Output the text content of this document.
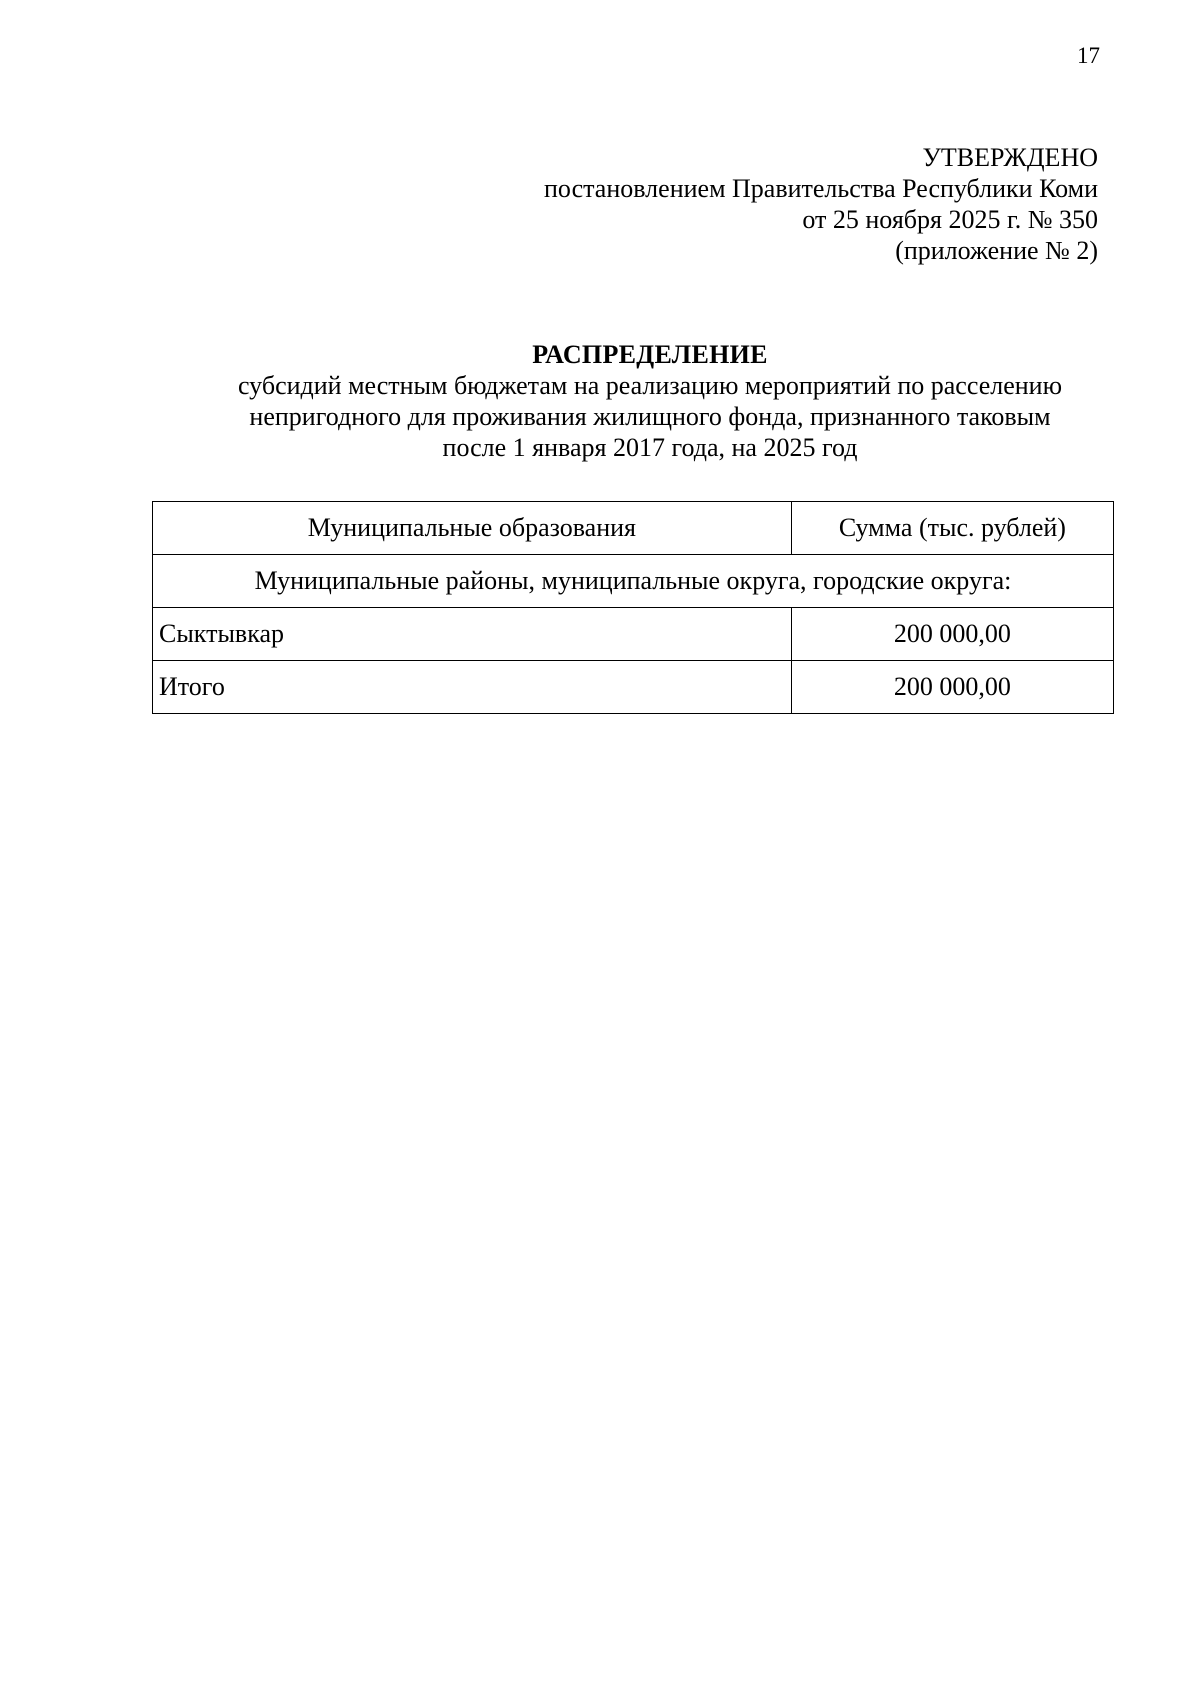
17
УТВЕРЖДЕНО
постановлением Правительства Республики Коми
от 25 ноября 2025 г. № 350
(приложение № 2)
РАСПРЕДЕЛЕНИЕ
субсидий местным бюджетам на реализацию мероприятий по расселению
непригодного для проживания жилищного фонда, признанного таковым
после 1 января 2017 года, на 2025 год
Муниципальные образования	Сумма (тыс. рублей)
Муниципальные районы, муниципальные округа, городские округа:	
Сыктывкар	200 000,00
Итого	200 000,00
